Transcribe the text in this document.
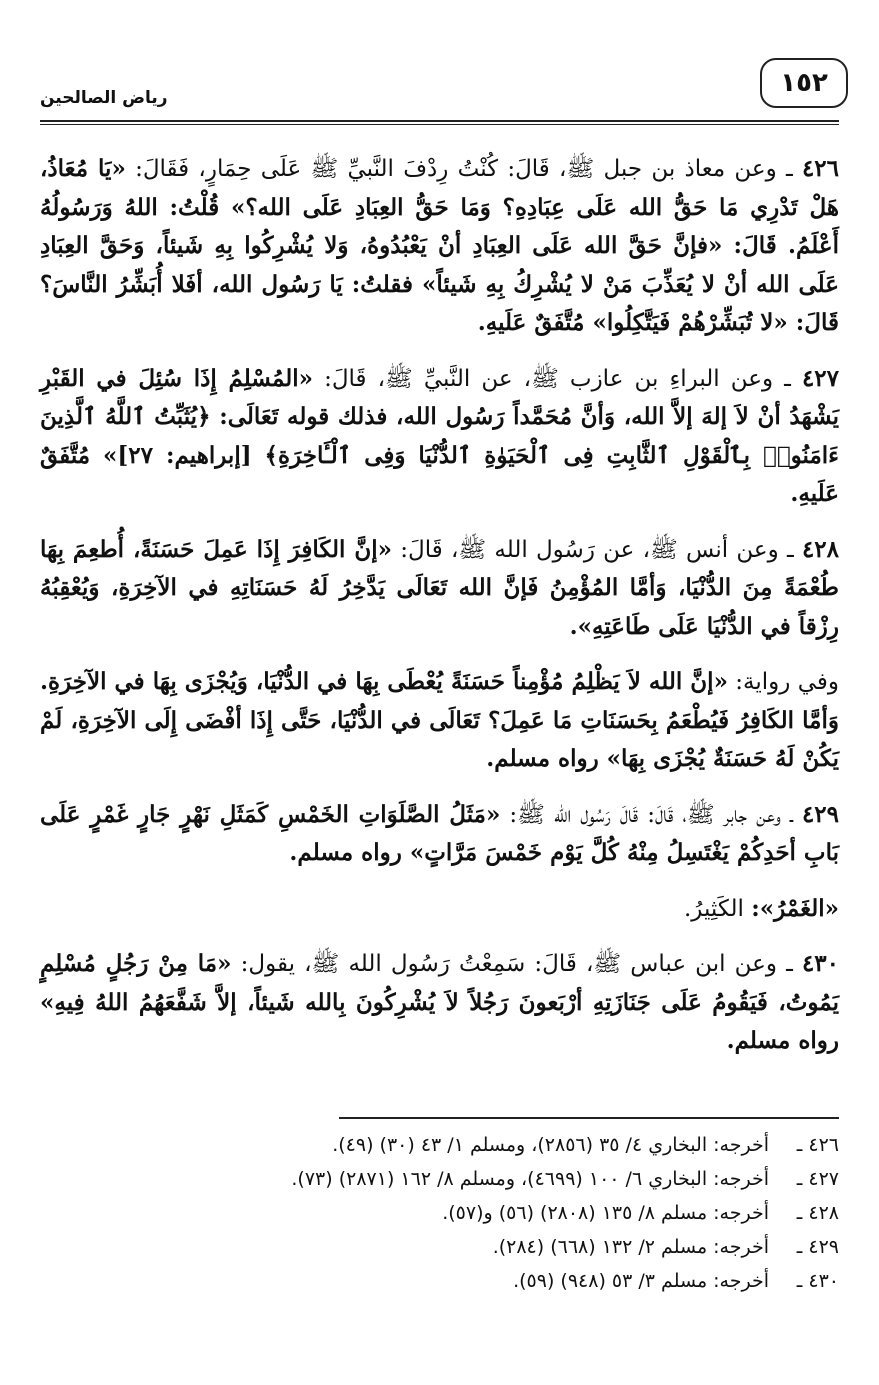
١٥٢
رياض الصالحين

٤٢٦ ـ وعن معاذ بن جبل ﷺ، قَالَ: كُنْتُ رِدْفَ النَّبيِّ ﷺ عَلَى حِمَارٍ، فَقَالَ: «يَا مُعَاذُ، هَلْ تَدْرِي مَا حَقُّ الله عَلَى عِبَادِهِ؟ وَمَا حَقُّ العِبَادِ عَلَى الله؟» قُلْتُ: اللهُ وَرَسُولُهُ أَعْلَمُ. قَالَ: «فإنَّ حَقَّ الله عَلَى العِبَادِ أنْ يَعْبُدُوهُ، وَلا يُشْرِكُوا بِهِ شَيئاً، وَحَقَّ العِبَادِ عَلَى الله أنْ لا يُعَذِّبَ مَنْ لا يُشْرِكُ بِهِ شَيئاً» فقلتُ: يَا رَسُول الله، أفَلا أُبَشِّرُ النَّاسَ؟ قَالَ: «لا تُبَشِّرْهُمْ فَيَتَّكِلُوا» مُتَّفَقٌ عَلَيهِ.

٤٢٧ ـ وعن البراءِ بن عازب ﷺ، عن النَّبيِّ ﷺ، قَالَ: «المُسْلِمُ إِذَا سُئِلَ في القَبْرِ يَشْهَدُ أنْ لاَ إلهَ إلاَّ الله، وَأنَّ مُحَمَّداً رَسُول الله، فذلك قوله تَعَالَى: ﴿يُثَبِّتُ ٱللَّهُ ٱلَّذِينَ ءَامَنُوا۟ بِٱلْقَوْلِ ٱلثَّابِتِ فِى ٱلْحَيَوٰةِ ٱلدُّنْيَا وَفِى ٱلْـَٔاخِرَةِ﴾ [إبراهيم: ٢٧]» مُتَّفَقٌ عَلَيهِ.

٤٢٨ ـ وعن أنس ﷺ، عن رَسُول الله ﷺ، قَالَ: «إنَّ الكَافِرَ إِذَا عَمِلَ حَسَنَةً، أُطعِمَ بِهَا طُعْمَةً مِنَ الدُّنْيَا، وَأمَّا المُؤْمِنُ فَإنَّ الله تَعَالَى يَدَّخِرُ لَهُ حَسَنَاتِهِ في الآخِرَةِ، وَيُعْقِبُهُ رِزْقاً في الدُّنْيَا عَلَى طَاعَتِهِ».

وفي رواية: «إنَّ الله لاَ يَظْلِمُ مُؤْمِناً حَسَنَةً يُعْطَى بِهَا في الدُّنْيَا، وَيُجْزَى بِهَا في الآخِرَةِ. وَأمَّا الكَافِرُ فَيُطْعَمُ بِحَسَنَاتِ مَا عَمِلَ؟ تَعَالَى في الدُّنْيَا، حَتَّى إِذَا أفْضَى إِلَى الآخِرَةِ، لَمْ يَكُنْ لَهُ حَسَنَةٌ يُجْزَى بِهَا» رواه مسلم.

٤٢٩ ـ وعن جابر ﷺ، قَالَ: قَالَ رَسُول الله ﷺ: «مَثَلُ الصَّلَوَاتِ الخَمْسِ كَمَثَلِ نَهْرٍ جَارٍ غَمْرٍ عَلَى بَابِ أحَدِكُمْ يَغْتَسِلُ مِنْهُ كُلَّ يَوْم خَمْسَ مَرَّاتٍ» رواه مسلم.

«الغَمْرُ»: الكَثِيرُ.

٤٣٠ ـ وعن ابن عباس ﷺ، قَالَ: سَمِعْتُ رَسُول الله ﷺ، يقول: «مَا مِنْ رَجُلٍ مُسْلِمٍ يَمُوتُ، فَيَقُومُ عَلَى جَنَازَتِهِ أرْبَعونَ رَجُلاً لاَ يُشْرِكُونَ بِالله شَيئاً، إلاَّ شَفَّعَهُمُ اللهُ فِيهِ» رواه مسلم.

٤٢٦ ـأخرجه: البخاري ٤/ ٣٥ (٢٨٥٦)، ومسلم ١/ ٤٣ (٣٠) (٤٩).

٤٢٧ ـأخرجه: البخاري ٦/ ١٠٠ (٤٦٩٩)، ومسلم ٨/ ١٦٢ (٢٨٧١) (٧٣).

٤٢٨ ـأخرجه: مسلم ٨/ ١٣٥ (٢٨٠٨) (٥٦) و(٥٧).

٤٢٩ ـأخرجه: مسلم ٢/ ١٣٢ (٦٦٨) (٢٨٤).

٤٣٠ ـأخرجه: مسلم ٣/ ٥٣ (٩٤٨) (٥٩).
